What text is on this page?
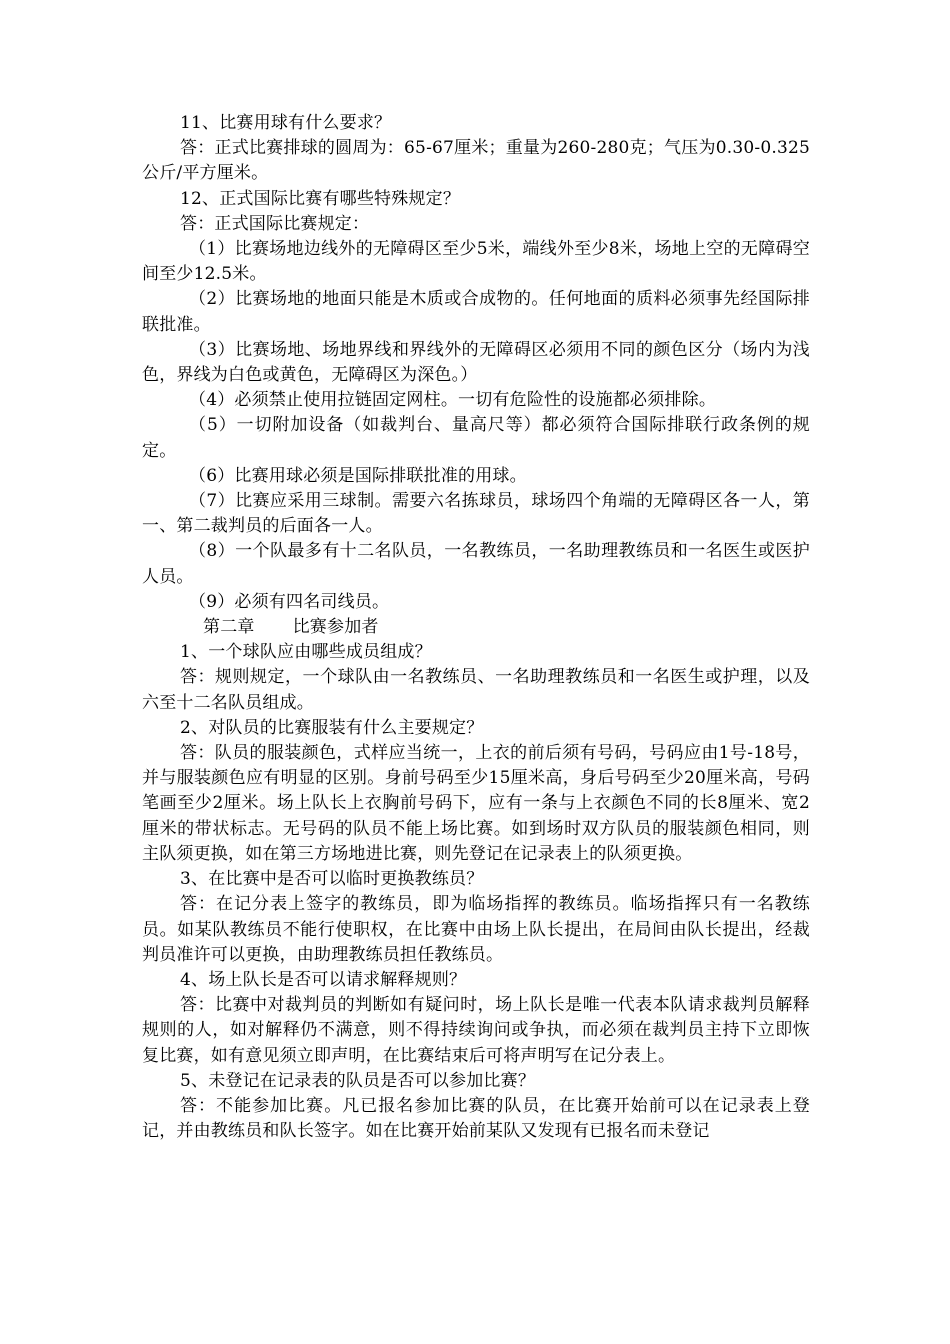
11、比赛用球有什么要求？

答：正式比赛排球的圆周为：65-67厘米；重量为260-280克；气压为0.30-0.325公斤/平方厘米。

12、正式国际比赛有哪些特殊规定？

答：正式国际比赛规定：

（1）比赛场地边线外的无障碍区至少5米，端线外至少8米，场地上空的无障碍空间至少12.5米。

（2）比赛场地的地面只能是木质或合成物的。任何地面的质料必须事先经国际排联批准。

（3）比赛场地、场地界线和界线外的无障碍区必须用不同的颜色区分（场内为浅色，界线为白色或黄色，无障碍区为深色。）

（4）必须禁止使用拉链固定网柱。一切有危险性的设施都必须排除。

（5）一切附加设备（如裁判台、量高尺等）都必须符合国际排联行政条例的规定。

（6）比赛用球必须是国际排联批准的用球。

（7）比赛应采用三球制。需要六名拣球员，球场四个角端的无障碍区各一人，第一、第二裁判员的后面各一人。

（8）一个队最多有十二名队员，一名教练员，一名助理教练员和一名医生或医护人员。

（9）必须有四名司线员。

第二章 比赛参加者

1、一个球队应由哪些成员组成？

答：规则规定，一个球队由一名教练员、一名助理教练员和一名医生或护理，以及六至十二名队员组成。

2、对队员的比赛服装有什么主要规定？

答：队员的服装颜色，式样应当统一，上衣的前后须有号码，号码应由1号-18号，并与服装颜色应有明显的区别。身前号码至少15厘米高，身后号码至少20厘米高，号码笔画至少2厘米。场上队长上衣胸前号码下，应有一条与上衣颜色不同的长8厘米、宽2厘米的带状标志。无号码的队员不能上场比赛。如到场时双方队员的服装颜色相同，则主队须更换，如在第三方场地进比赛，则先登记在记录表上的队须更换。

3、在比赛中是否可以临时更换教练员？

答：在记分表上签字的教练员，即为临场指挥的教练员。临场指挥只有一名教练员。如某队教练员不能行使职权，在比赛中由场上队长提出，在局间由队长提出，经裁判员准许可以更换，由助理教练员担任教练员。

4、场上队长是否可以请求解释规则？

答：比赛中对裁判员的判断如有疑问时，场上队长是唯一代表本队请求裁判员解释规则的人，如对解释仍不满意，则不得持续询问或争执，而必须在裁判员主持下立即恢复比赛，如有意见须立即声明，在比赛结束后可将声明写在记分表上。

5、未登记在记录表的队员是否可以参加比赛？

答：不能参加比赛。凡已报名参加比赛的队员，在比赛开始前可以在记录表上登记，并由教练员和队长签字。如在比赛开始前某队又发现有已报名而未登记
